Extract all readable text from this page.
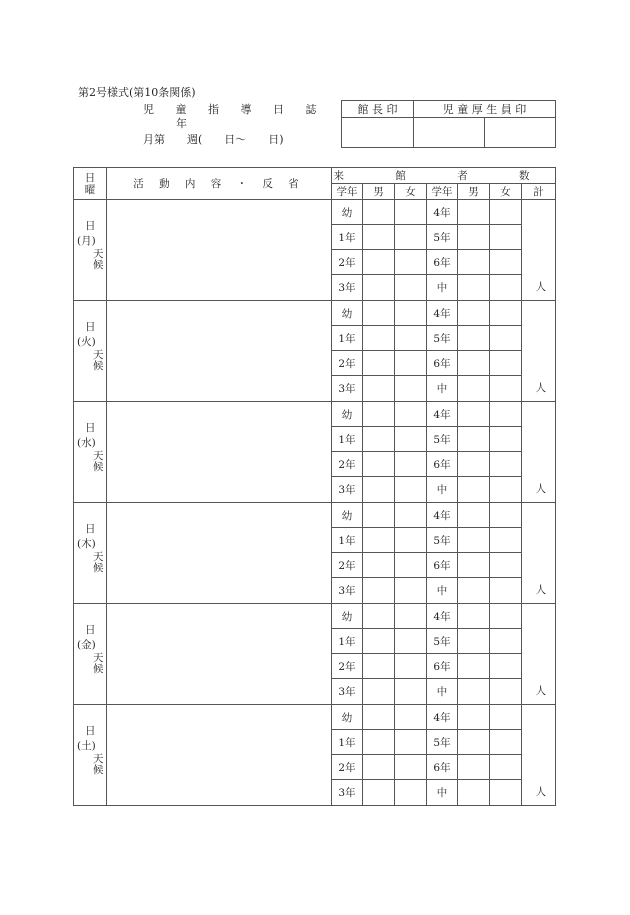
第2号様式(第10条関係)
児 童 指 導 日 誌
年
月第　　週(　　日～　　日)
館 長 印	児 童 厚 生 員 印	

日
曜	活 動 内 容 ・ 反 省	来 館 者 数						
		学年	男	女	学年	男	女	計

日
(月)
天
候		幼			4年			人

		1年			5年			
		2年			6年			
		3年			中			

日
(火)
天
候		幼			4年			人

		1年			5年			
		2年			6年			
		3年			中			

日
(水)
天
候		幼			4年			人

		1年			5年			
		2年			6年			
		3年			中			

日
(木)
天
候		幼			4年			人

		1年			5年			
		2年			6年			
		3年			中			

日
(金)
天
候		幼			4年			人

		1年			5年			
		2年			6年			
		3年			中			

日
(土)
天
候		幼			4年			人

		1年			5年			
		2年			6年			
		3年			中			
